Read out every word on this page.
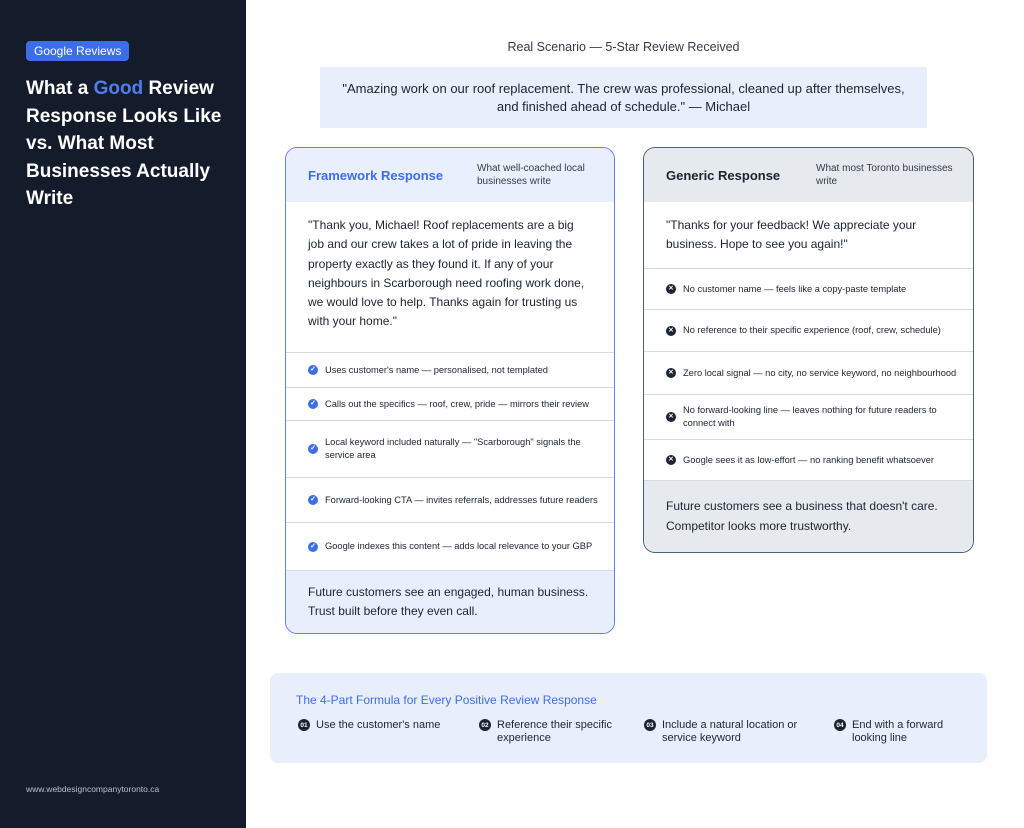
Google Reviews
What a Good Review Response Looks Like vs. What Most Businesses Actually Write
www.webdesigncompanytoronto.ca
Real Scenario — 5-Star Review Received
"Amazing work on our roof replacement. The crew was professional, cleaned up after themselves, and finished ahead of schedule." — Michael
Framework Response	What well-coached local businesses write
"Thank you, Michael! Roof replacements are a big job and our crew takes a lot of pride in leaving the property exactly as they found it. If any of your neighbours in Scarborough need roofing work done, we would love to help. Thanks again for trusting us with your home."
✓ Uses customer's name — personalised, not templated
✓ Calls out the specifics — roof, crew, pride — mirrors their review
✓
Local keyword included naturally — "Scarborough" signals the service area
✓ Forward-looking CTA — invites referrals, addresses future readers
✓ Google indexes this content — adds local relevance to your GBP
Future customers see an engaged, human business. Trust built before they even call.
Generic Response	What most Toronto businesses write
"Thanks for your feedback! We appreciate your business. Hope to see you again!"
✕ No customer name — feels like a copy-paste template
✕ No reference to their specific experience (roof, crew, schedule)
✕ Zero local signal — no city, no service keyword, no neighbourhood
✕
No forward-looking line — leaves nothing for future readers to connect with
✕ Google sees it as low-effort — no ranking benefit whatsoever
Future customers see a business that doesn't care. Competitor looks more trustworthy.
The 4-Part Formula for Every Positive Review Response
01 Use the customer's name	02 Reference their specific experience
03 Include a natural location or service keyword
04 End with a forward looking line
